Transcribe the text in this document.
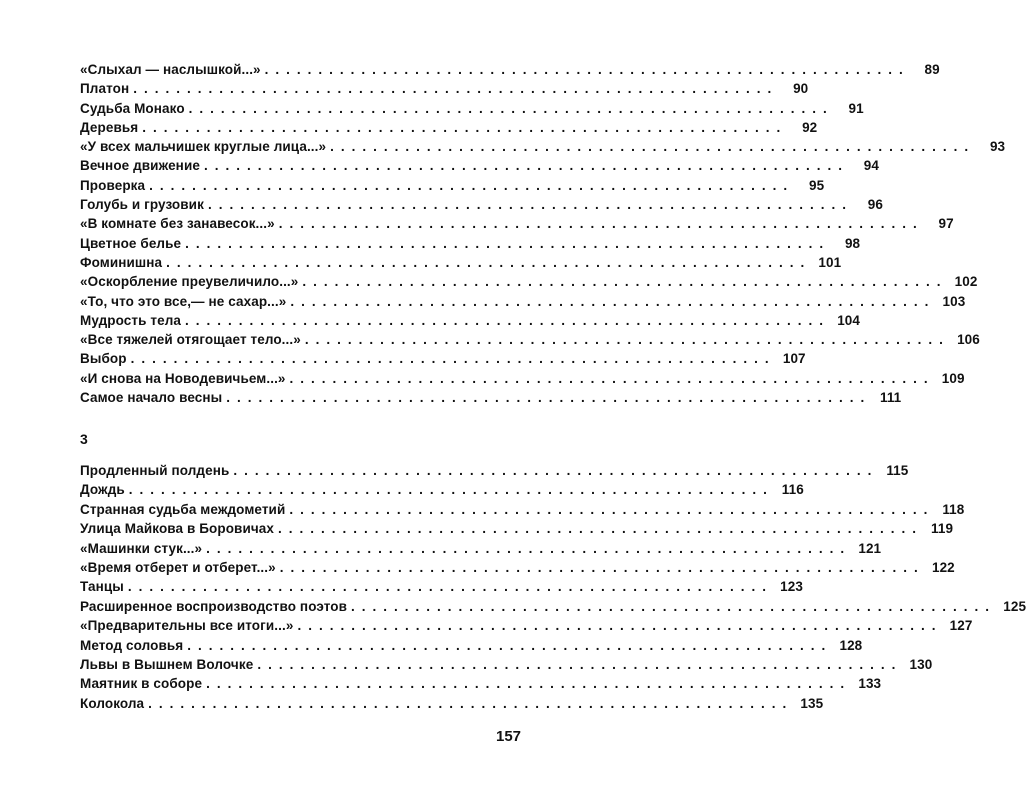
«Слыхал — наслышкой...» ............................................................	89
Платон ............................................................	90
Судьба Монако ............................................................	91
Деревья ............................................................	92
«У всех мальчишек круглые лица...» ............................................................	93
Вечное движение ............................................................	94
Проверка ............................................................	95
Голубь и грузовик ............................................................	96
«В комнате без занавесок...» ............................................................	97
Цветное белье ............................................................	98
Фоминишна ............................................................ 101
«Оскорбление преувеличило...» ............................................................ 102
«То, что это все,— не сахар...» ............................................................ 103
Мудрость тела ............................................................ 104
«Все тяжелей отягощает тело...» ............................................................ 106
Выбор ............................................................ 107
«И снова на Новодевичьем...» ............................................................ 109
Самое начало весны ............................................................ 111
3
Продленный полдень ............................................................ 115
Дождь ............................................................ 116
Странная судьба междометий ............................................................ 118
Улица Майкова в Боровичах ............................................................ 119
«Машинки стук...» ............................................................ 121
«Время отберет и отберет...» ............................................................ 122
Танцы ............................................................ 123
Расширенное воспроизводство поэтов ............................................................ 125
«Предварительны все итоги...» ............................................................ 127
Метод соловья ............................................................ 128
Львы в Вышнем Волочке ............................................................ 130
Маятник в соборе ............................................................ 133
Колокола ............................................................ 135
157
